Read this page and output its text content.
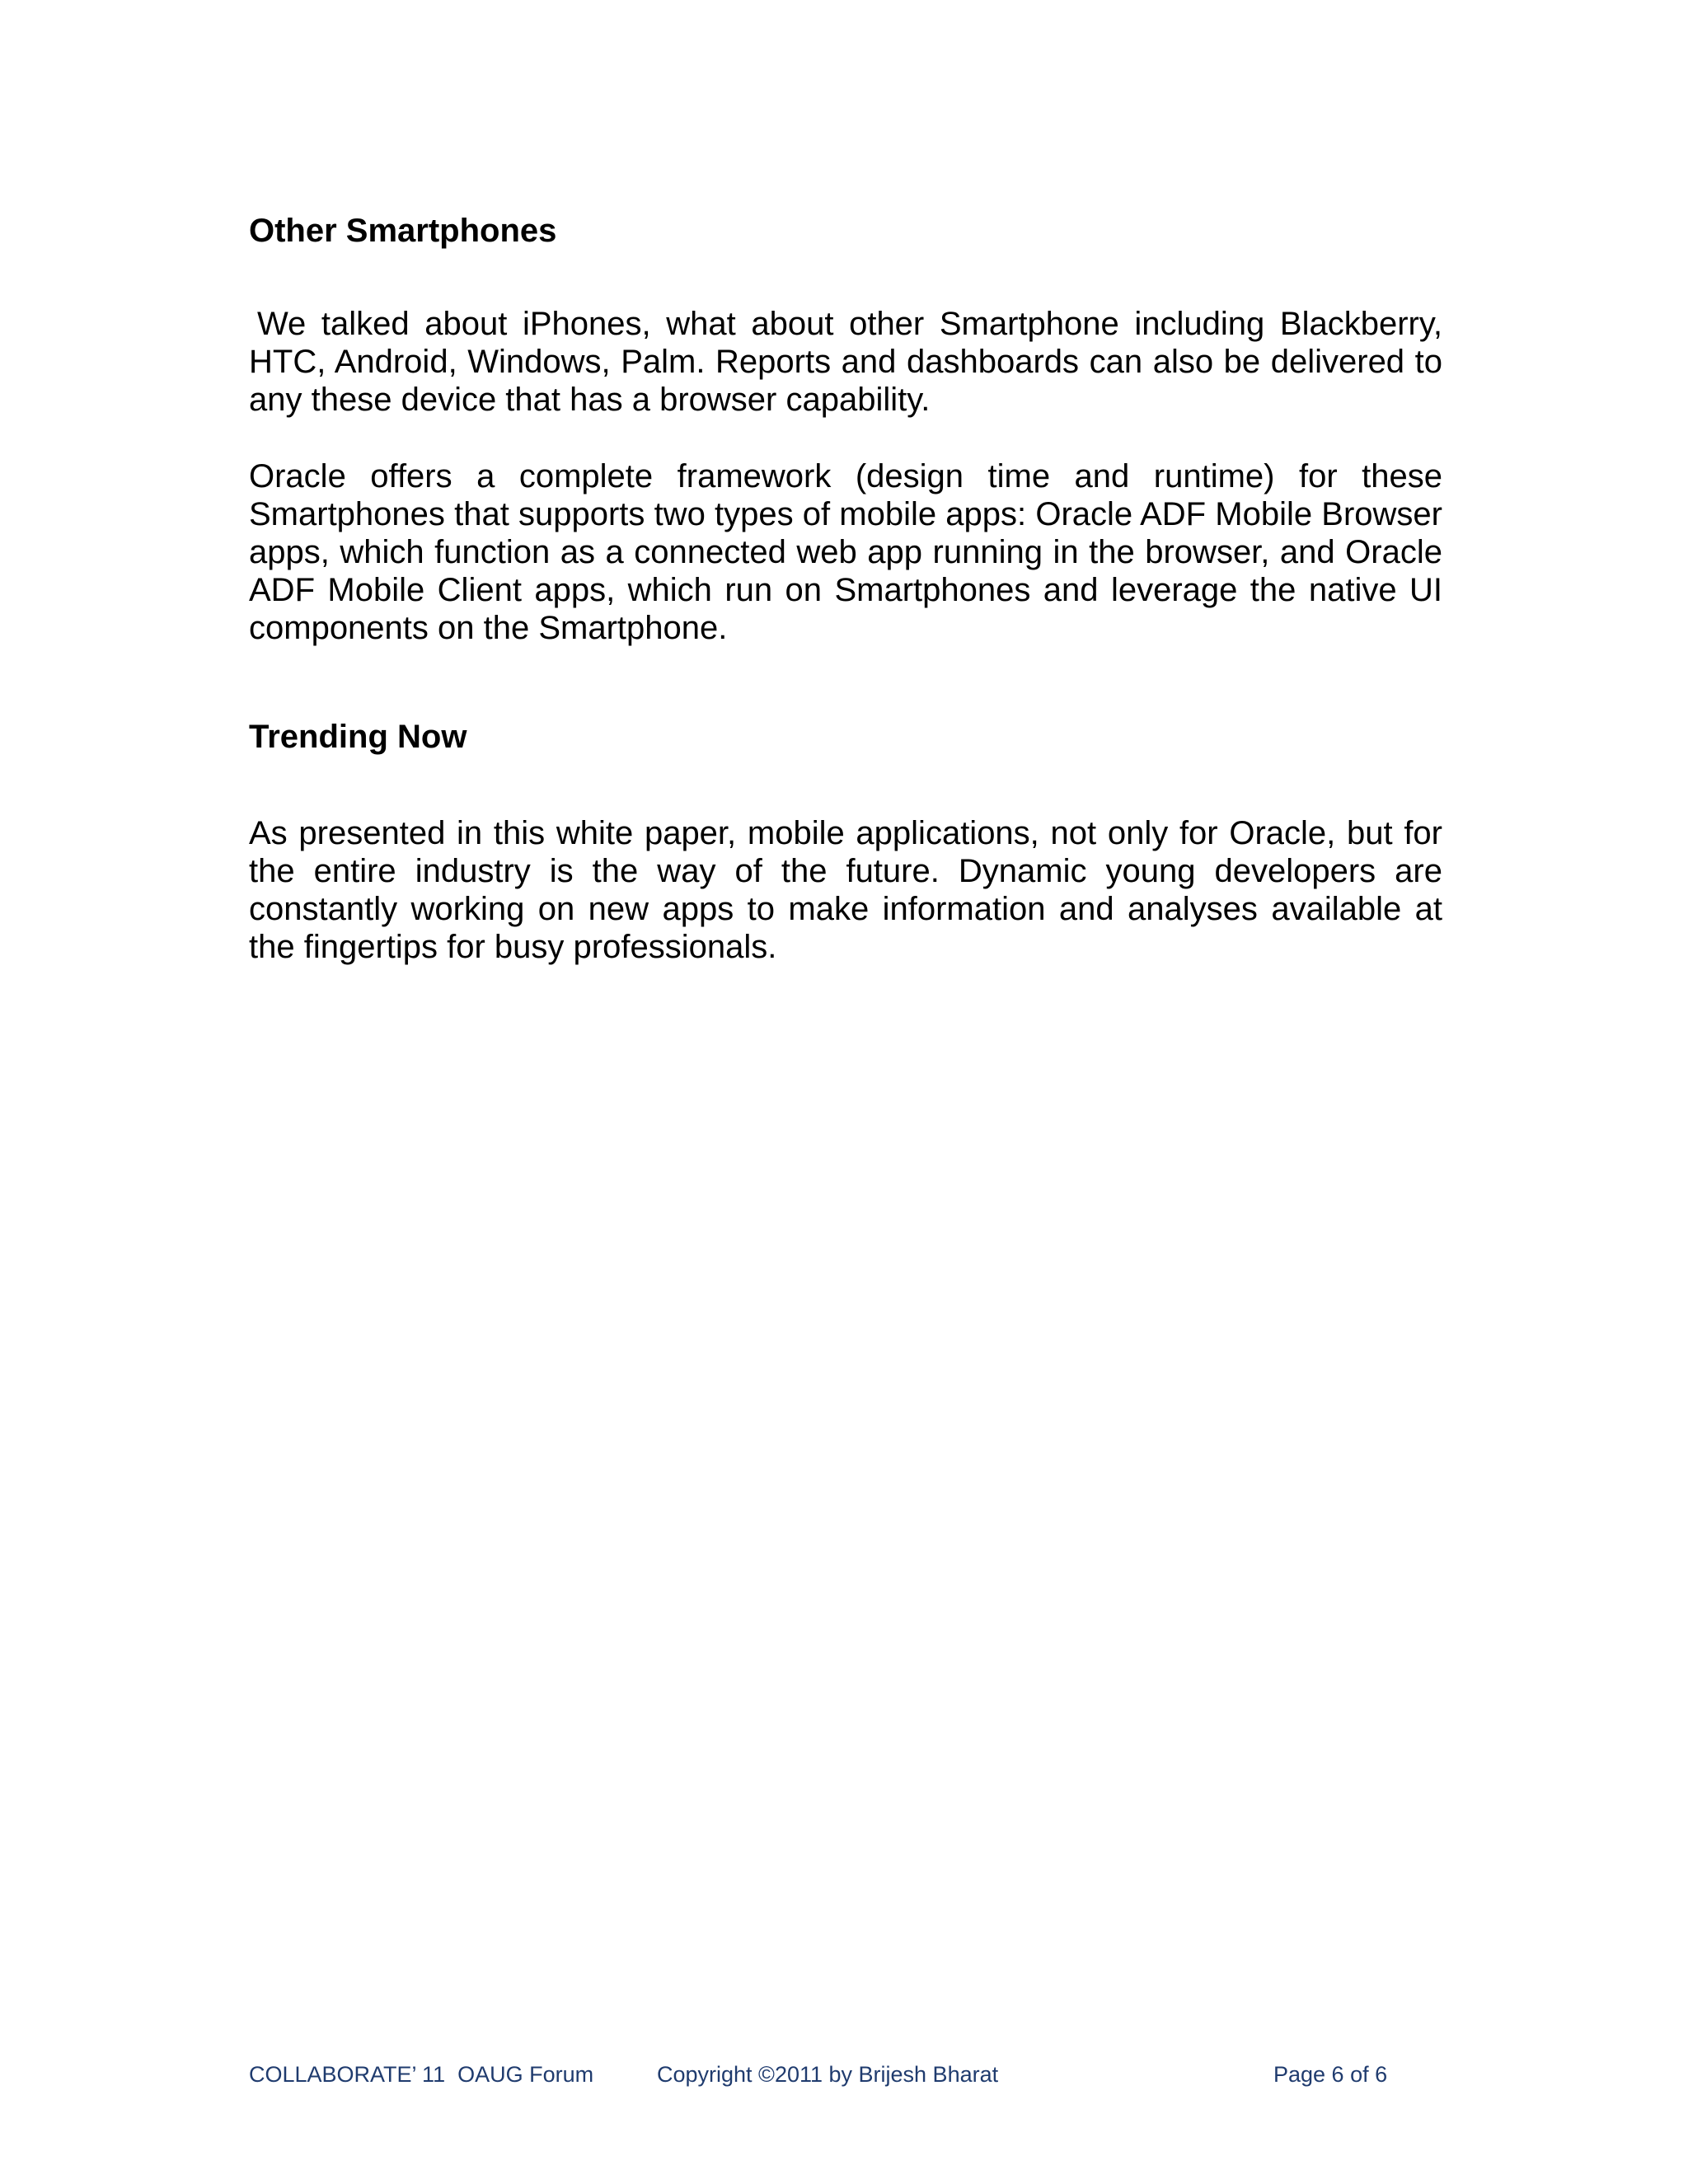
Other Smartphones

We talked about iPhones, what about other Smartphone including Blackberry, HTC, Android, Windows, Palm. Reports and dashboards can also be delivered to any these device that has a browser capability.

Oracle offers a complete framework (design time and runtime) for these Smartphones that supports two types of mobile apps: Oracle ADF Mobile Browser apps, which function as a connected web app running in the browser, and Oracle ADF Mobile Client apps, which run on Smartphones and leverage the native UI components on the Smartphone.

Trending Now

As presented in this white paper, mobile applications, not only for Oracle, but for the entire industry is the way of the future. Dynamic young developers are constantly working on new apps to make information and analyses available at the fingertips for busy professionals.

COLLABORATE’ 11  OAUG Forum	Copyright ©2011 by Brijesh Bharat	Page 6 of 6
